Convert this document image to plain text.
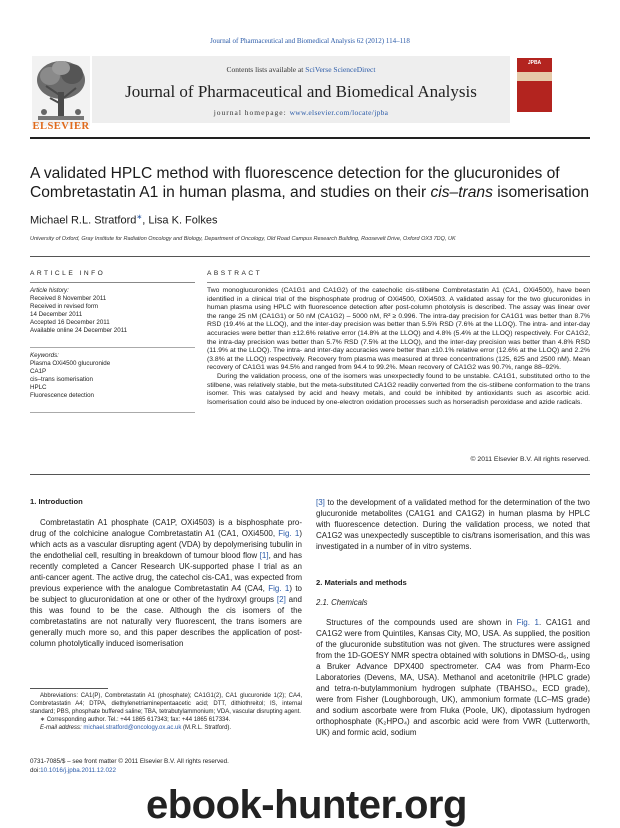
Journal of Pharmaceutical and Biomedical Analysis 62 (2012) 114–118
Contents lists available at SciVerse ScienceDirect
Journal of Pharmaceutical and Biomedical Analysis
journal homepage: www.elsevier.com/locate/jpba
ELSEVIER
JPBA
A validated HPLC method with fluorescence detection for the glucuronides of
Combretastatin A1 in human plasma, and studies on their cis–trans isomerisation
Michael R.L. Stratford∗, Lisa K. Folkes
University of Oxford, Gray Institute for Radiation Oncology and Biology, Department of Oncology, Old Road Campus Research Building, Roosevelt Drive, Oxford OX3 7DQ, UK
ARTICLE INFO	ABSTRACT
Article history:
Received 8 November 2011
Received in revised form
14 December 2011
Accepted 16 December 2011
Available online 24 December 2011
Keywords:
Plasma OXi4500 glucuronide
CA1P
cis–trans isomerisation
HPLC
Fluorescence detection

Two monoglucuronides (CA1G1 and CA1G2) of the catecholic cis-stilbene Combretastatin A1 (CA1, OXi4500), have been identified in a clinical trial of the bisphosphate prodrug of OXi4500, OXi4503. A validated assay for the two glucuronides in human plasma using HPLC with fluorescence detection after post-column photolysis is described. The assay was linear over the range 25 nM (CA1G1) or 50 nM (CA1G2) – 5000 nM, R² ≥ 0.996. The intra-day precision for CA1G1 was better than 8.7% RSD (19.4% at the LLOQ), and the inter-day precision was better than 5.5% RSD (7.6% at the LLOQ). The intra- and inter-day accuracies were better than ±12.6% relative error (14.8% at the LLOQ) and 4.8% (5.4% at the LLOQ) respectively. For CA1G2, the intra-day precision was better than 5.7% RSD (7.5% at the LLOQ), and the inter-day precision was better than 4.8% RSD (11.9% at the LLOQ). The intra- and inter-day accuracies were better than ±10.1% relative error (12.6% at the LLOQ) and 2.2% (3.8% at the LLOQ) respectively. Recovery from plasma was measured at three concentrations (125, 625 and 2500 nM). Mean recovery of CA1G1 was 94.5% and ranged from 94.4 to 99.2%. Mean recovery of CA1G2 was 90.7%, range 88–92%.

During the validation process, one of the isomers was unexpectedly found to be unstable. CA1G1, substituted ortho to the stilbene, was relatively stable, but the meta-substituted CA1G2 readily converted from the cis-stilbene conformation to the trans isomer. This was catalysed by acid and heavy metals, and could be inhibited by antioxidants such as ascorbic acid. Isomerisation could also be induced by one-electron oxidation processes such as horseradish peroxidase and azide radicals.

© 2011 Elsevier B.V. All rights reserved.
1. Introduction

Combretastatin A1 phosphate (CA1P, OXi4503) is a bisphosphate pro-drug of the colchicine analogue Combretastatin A1 (CA1, OXi4500, Fig. 1) which acts as a vascular disrupting agent (VDA) by depolymerising tubulin in the endothelial cell, resulting in breakdown of tumour blood flow [1], and has recently completed a Cancer Research UK-supported phase I trial as an anti-cancer agent. The active drug, the catechol cis-CA1, was expected from previous experience with the analogue Combretastatin A4 (CA4, Fig. 1) to be subject to glucuronidation at one or other of the hydroxyl groups [2] and this was found to be the case. Although the cis isomers of the combretastatins are not naturally very fluorescent, the trans isomers are generally much more so, and this paper describes the application of post-column photolytically induced isomerisation

[3] to the development of a validated method for the determination of the two glucuronide metabolites (CA1G1 and CA1G2) in human plasma by HPLC with fluorescence detection. During the validation process, we noted that CA1G2 was unexpectedly susceptible to cis/trans isomerisation, and this was investigated in a number of in vitro systems.
2. Materials and methods
2.1. Chemicals

Structures of the compounds used are shown in Fig. 1. CA1G1 and CA1G2 were from Quintiles, Kansas City, MO, USA. As supplied, the position of the glucuronide substitution was not given. The structures were assigned from the 1D-GOESY NMR spectra obtained with solutions in DMSO-d₆, using a Bruker Advance DPX400 spectrometer. CA4 was from Pharm-Eco Laboratories (Devens, MA, USA). Methanol and acetonitrile (HPLC grade) and tetra-n-butylammonium hydrogen sulphate (TBAHSO₄, ECD grade), were from Fisher (Loughborough, UK), ammonium formate (LC–MS grade) and sodium ascorbate were from Fluka (Poole, UK), dipotassium hydrogen orthophosphate (K₂HPO₄) and ascorbic acid were from VWR (Lutterworth, UK) and formic acid, sodium

Abbreviations: CA1(P), Combretastatin A1 (phosphate); CA1G1(2), CA1 glucuronide 1(2); CA4, Combretastatin A4; DTPA, diethylenetriaminepentaacetic acid; DTT, dithiothreitol; IS, internal standard; PBS, phosphate buffered saline; TBA, tetrabutylammonium; VDA, vascular disrupting agent.

∗ Corresponding author. Tel.: +44 1865 617343; fax: +44 1865 617334.

E-mail address: michael.stratford@oncology.ox.ac.uk (M.R.L. Stratford).

0731-7085/$ – see front matter © 2011 Elsevier B.V. All rights reserved.
doi:10.1016/j.jpba.2011.12.022
ebook-hunter.org
